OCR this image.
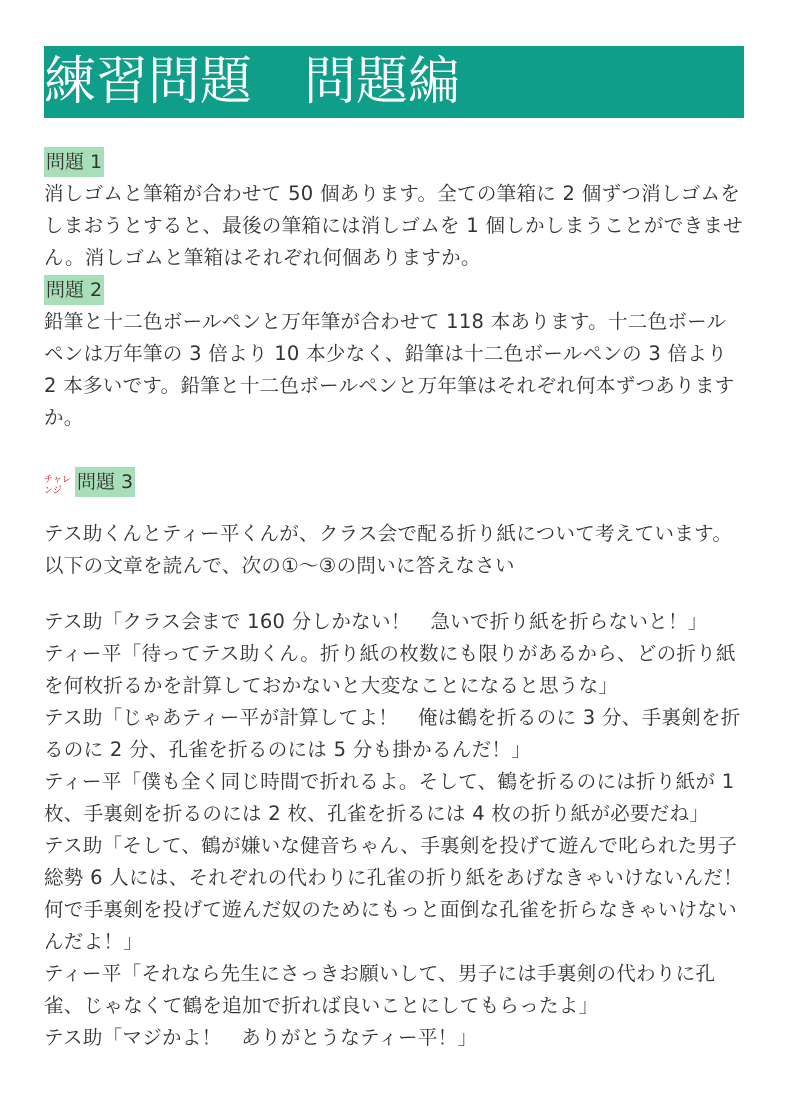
練習問題　問題編
問題 1

消しゴムと筆箱が合わせて 50 個あります。全ての筆箱に 2 個ずつ消しゴムをしまおうとすると、最後の筆箱には消しゴムを 1 個しかしまうことができません。消しゴムと筆箱はそれぞれ何個ありますか。

問題 2

鉛筆と十二色ボールペンと万年筆が合わせて 118 本あります。十二色ボールペンは万年筆の 3 倍より 10 本少なく、鉛筆は十二色ボールペンの 3 倍より 2 本多いです。鉛筆と十二色ボールペンと万年筆はそれぞれ何本ずつありますか。

チャレンジ 問題 3

テス助くんとティー平くんが、クラス会で配る折り紙について考えています。以下の文章を読んで、次の①〜③の問いに答えなさい

テス助「クラス会まで 160 分しかない！　急いで折り紙を折らないと！」

ティー平「待ってテス助くん。折り紙の枚数にも限りがあるから、どの折り紙を何枚折るかを計算しておかないと大変なことになると思うな」

テス助「じゃあティー平が計算してよ！　俺は鶴を折るのに 3 分、手裏剣を折るのに 2 分、孔雀を折るのには 5 分も掛かるんだ！」

ティー平「僕も全く同じ時間で折れるよ。そして、鶴を折るのには折り紙が 1 枚、手裏剣を折るのには 2 枚、孔雀を折るには 4 枚の折り紙が必要だね」

テス助「そして、鶴が嫌いな健音ちゃん、手裏剣を投げて遊んで叱られた男子総勢 6 人には、それぞれの代わりに孔雀の折り紙をあげなきゃいけないんだ！　何で手裏剣を投げて遊んだ奴のためにもっと面倒な孔雀を折らなきゃいけないんだよ！」

ティー平「それなら先生にさっきお願いして、男子には手裏剣の代わりに孔雀、じゃなくて鶴を追加で折れば良いことにしてもらったよ」

テス助「マジかよ！　ありがとうなティー平！」
